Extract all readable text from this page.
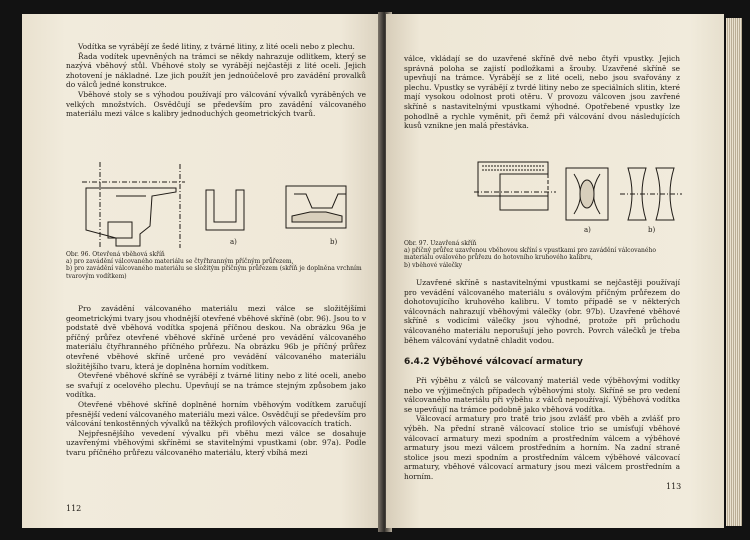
Vodítka se vyrábějí ze šedé litiny, z tvárné litiny, z lité oceli nebo z plechu.

Řada vodítek upevněných na trámci se někdy nahrazuje odlitkem, který se nazývá vběhový stůl. Vběhové stoly se vyrábějí nejčastěji z lité oceli. Jejich zhotovení je nákladné. Lze jich použít jen jednoúčelově pro zavádění provalků do válců jedné konstrukce.

Vběhové stoly se s výhodou používají pro válcování vývalků vyráběných ve velkých množstvích. Osvědčují se především pro zavádění válcovaného materiálu mezi válce s kalibry jednoduchých geometrických tvarů.

a)	b)
Obr. 96. Otevřená vběhová skříň
a) pro zavádění válcovaného materiálu se čtyřhranným příčným průřezem,
b) pro zavádění válcovaného materiálu se složitým příčným průřezem (skříň je doplněna vrchním tvarovým vodítkem)

Pro zavádění válcovaného materiálu mezi válce se složitějšími geometrickými tvary jsou vhodnější otevřené vběhové skříně (obr. 96). Jsou to v podstatě dvě vběhová vodítka spojená příčnou deskou. Na obrázku 96a je příčný průřez otevřené vběhové skříně určené pro vevádění válcovaného materiálu čtyřhranného příčného průřezu. Na obrázku 96b je příčný průřez otevřené vběhové skříně určené pro vevádění válcovaného materiálu složitějšího tvaru, která je doplněna horním vodítkem.

Otevřené vběhové skříně se vyrábějí z tvárné litiny nebo z lité oceli, anebo se svařují z ocelového plechu. Upevňují se na trámce stejným způsobem jako vodítka.

Otevřené vběhové skříně doplněné horním vběhovým vodítkem zaručují přesnější vedení válcovaného materiálu mezi válce. Osvědčují se především pro válcování tenkostěnných vývalků na těžkých profilových válcovacích tratích.

Nejpřesnějšího vevedení vývalku při vběhu mezi válce se dosahuje uzavřenými vběhovými skříněmi se stavitelnými vpustkami (obr. 97a). Podle tvaru příčného průřezu válcovaného materiálu, který vbíhá mezi

112

válce, vkládají se do uzavřené skříně dvě nebo čtyři vpustky. Jejich správná poloha se zajistí podložkami a šrouby. Uzavřené skříně se upevňují na trámce. Vyrábějí se z lité oceli, nebo jsou svařovány z plechu. Vpustky se vyrábějí z tvrdé litiny nebo ze speciálních slitin, které mají vysokou odolnost proti otěru. V provozu válcoven jsou zavřené skříně s nastavitelnými vpustkami výhodné. Opotřebené vpustky lze pohodlně a rychle vyměnit, při čemž při válcování dvou následujících kusů vznikne jen malá přestávka.

a)	b)
Obr. 97. Uzavřená skříň
a) příčný průřez uzavřenou vběhovou skříní s vpustkami pro zavádění válcovaného materiálu oválového průřezu do hotovního kruhového kalibru,
b) vběhové válečky

Uzavřené skříně s nastavitelnými vpustkami se nejčastěji používají pro vevádění válcovaného materiálu s oválovým příčným průřezem do dohotovujícího kruhového kalibru. V tomto případě se v některých válcovnách nahrazují vběhovými válečky (obr. 97b). Uzavřené vběhové skříně s vodicími válečky jsou výhodné, protože při průchodu válcovaného materiálu neporušují jeho povrch. Povrch válečků je třeba během válcování vydatně chladit vodou.

6.4.2 Výběhové válcovací armatury

Při výběhu z válců se válcovaný materiál vede výběhovými vodítky nebo ve výjimečných případech výběhovými stoly. Skříně se pro vedení válcovaného materiálu při výběhu z válců nepoužívají. Výběhová vodítka se upevňují na trámce podobně jako vběhová vodítka.

Válcovací armatury pro tratě trio jsou zvlášť pro vběh a zvlášť pro výběh. Na přední straně válcovací stolice trio se umísťují vběhové válcovací armatury mezi spodním a prostředním válcem a výběhové armatury jsou mezi válcem prostředním a horním. Na zadní straně stolice jsou mezi spodním a prostředním válcem výběhové válcovací armatury, vběhové válcovací armatury jsou mezi válcem prostředním a horním.

113
